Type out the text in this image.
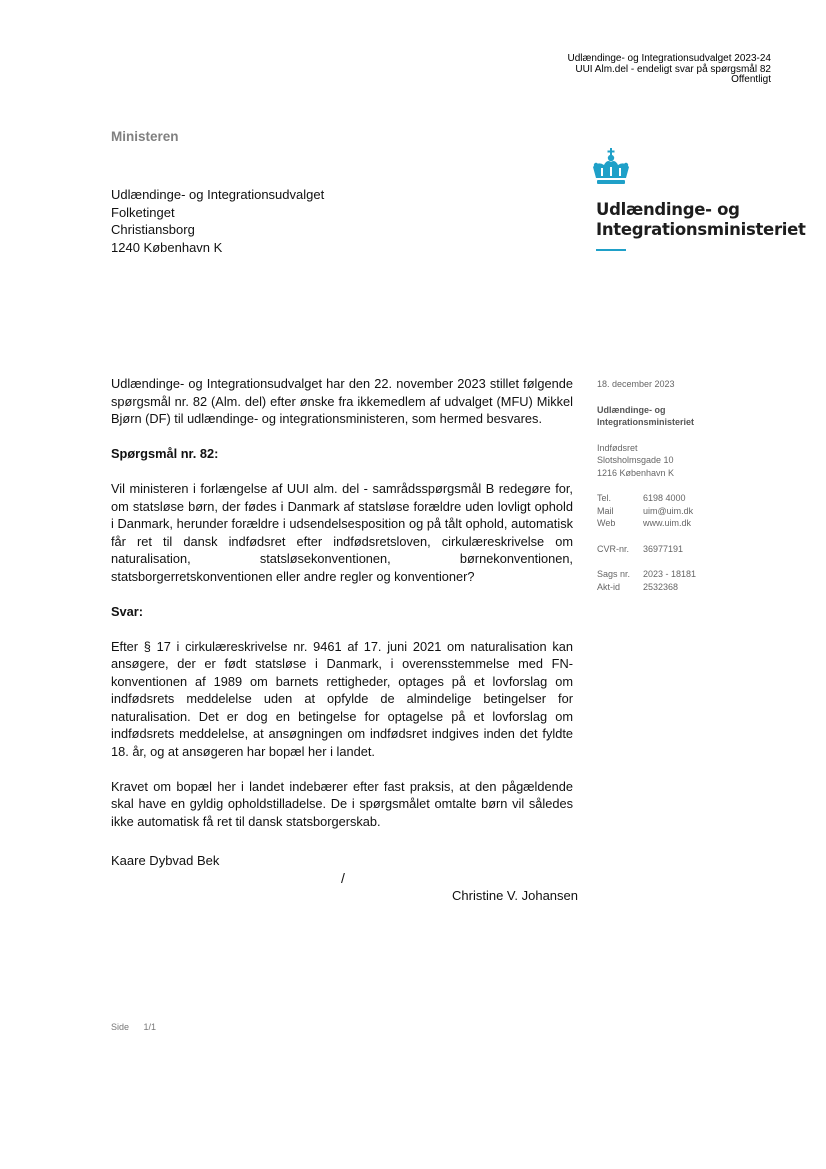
Udlændinge- og Integrationsudvalget 2023-24
UUI Alm.del - endeligt svar på spørgsmål 82
Offentligt
Ministeren
Udlændinge- og Integrationsudvalget
Folketinget
Christiansborg
1240 København K
Udlændinge- og
Integrationsministeriet

Udlændinge- og Integrationsudvalget har den 22. november 2023 stillet følgende spørgsmål nr. 82 (Alm. del) efter ønske fra ikkemedlem af udvalget (MFU) Mikkel Bjørn (DF) til udlændinge- og integrationsministeren, som hermed besvares.

Spørgsmål nr. 82:

Vil ministeren i forlængelse af UUI alm. del - samrådsspørgsmål B redegøre for, om statsløse børn, der fødes i Danmark af statsløse forældre uden lovligt ophold i Danmark, herunder forældre i udsendelsesposition og på tålt ophold, automatisk får ret til dansk indfødsret efter indfødsretsloven, cirkulæreskrivelse om naturalisation, statsløsekonventionen, børnekonventionen, statsborgerretskonventionen eller andre regler og konventioner?

Svar:

Efter § 17 i cirkulæreskrivelse nr. 9461 af 17. juni 2021 om naturalisation kan ansøgere, der er født statsløse i Danmark, i overensstemmelse med FN-konventionen af 1989 om barnets rettigheder, optages på et lovforslag om indfødsrets meddelelse uden at opfylde de almindelige betingelser for naturalisation. Det er dog en betingelse for optagelse på et lovforslag om indfødsrets meddelelse, at ansøgningen om indfødsret indgives inden det fyldte 18. år, og at ansøgeren har bopæl her i landet.

Kravet om bopæl her i landet indebærer efter fast praksis, at den pågældende skal have en gyldig opholdstilladelse. De i spørgsmålet omtalte børn vil således ikke automatisk få ret til dansk statsborgerskab.

18. december 2023
Udlændinge- og
Integrationsministeriet
Indfødsret
Slotsholmsgade 10
1216 København K
Tel.	6198 4000
Mail	uim@uim.dk
Web	www.uim.dk
CVR-nr.	36977191
Sags nr.	2023 - 18181
Akt-id	2532368
Kaare Dybvad Bek
/
Christine V. Johansen
Side 1/1
